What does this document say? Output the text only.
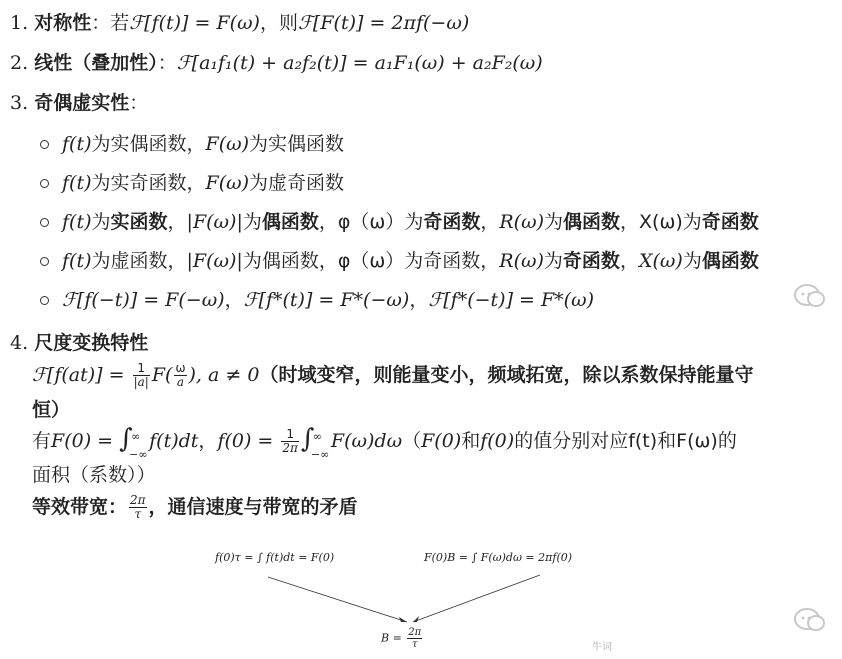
1. 对称性：若ℱ[f(t)] = F(ω)，则ℱ[F(t)] = 2πf(−ω)
2. 线性（叠加性）：ℱ[a₁f₁(t) + a₂f₂(t)] = a₁F₁(ω) + a₂F₂(ω)
3. 奇偶虚实性：
f(t)为实偶函数，F(ω)为实偶函数
f(t)为实奇函数，F(ω)为虚奇函数
f(t)为实函数，|F(ω)|为偶函数，φ（ω）为奇函数，R(ω)为偶函数，X(ω)为奇函数
f(t)为虚函数，|F(ω)|为偶函数，φ（ω）为奇函数，R(ω)为奇函数，X(ω)为偶函数
ℱ[f(−t)] = F(−ω)，ℱ[f*(t)] = F*(−ω)，ℱ[f*(−t)] = F*(ω)
4. 尺度变换特性
ℱ[f(at)] = $\frac{1}{|a|} F( \frac{\omega}{a}$ ), a ≠ 0（时域变窄，则能量变小，频域拓宽，除以系数保持能量守
恒）
有F(0) = ∫
∞
−∞
f(t)dt，$f(0) = \frac{1}{2\pi}$ ∫
∞
−∞
F(ω)dω（F(0)和f(0)的值分别对应f(t)和F(ω)的
面积（系数））
等效带宽： $\frac{2\pi}{\tau}$ ，通信速度与带宽的矛盾
f(0)τ = ∫ f(t)dt = F(0)	F(0)B = ∫ F(ω)dω = 2πf(0)
$B = \frac{2\pi}{\tau}$	牛词
